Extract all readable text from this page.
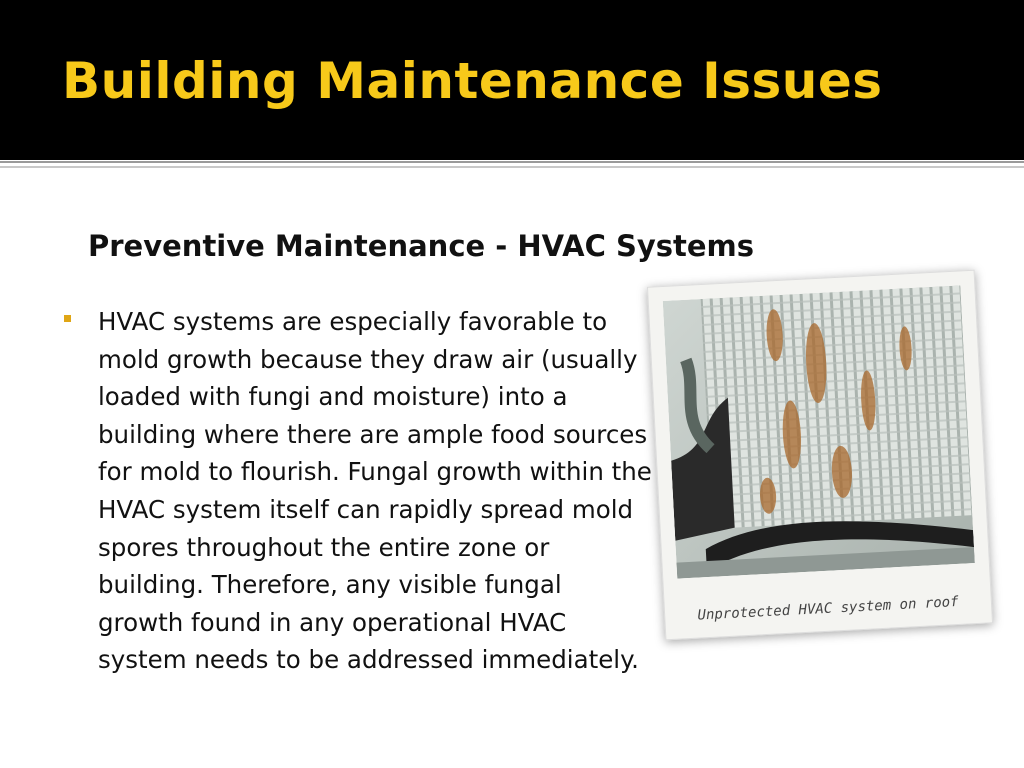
Building Maintenance Issues
Preventive Maintenance - HVAC Systems
HVAC systems are especially favorable to mold growth because they draw air (usually loaded with fungi and moisture) into a building where there are ample food sources for mold to flourish. Fungal growth within the HVAC system itself can rapidly spread mold spores throughout the entire zone or building. Therefore, any visible fungal growth found in any operational HVAC system needs to be addressed immediately.
Unprotected HVAC system on roof
